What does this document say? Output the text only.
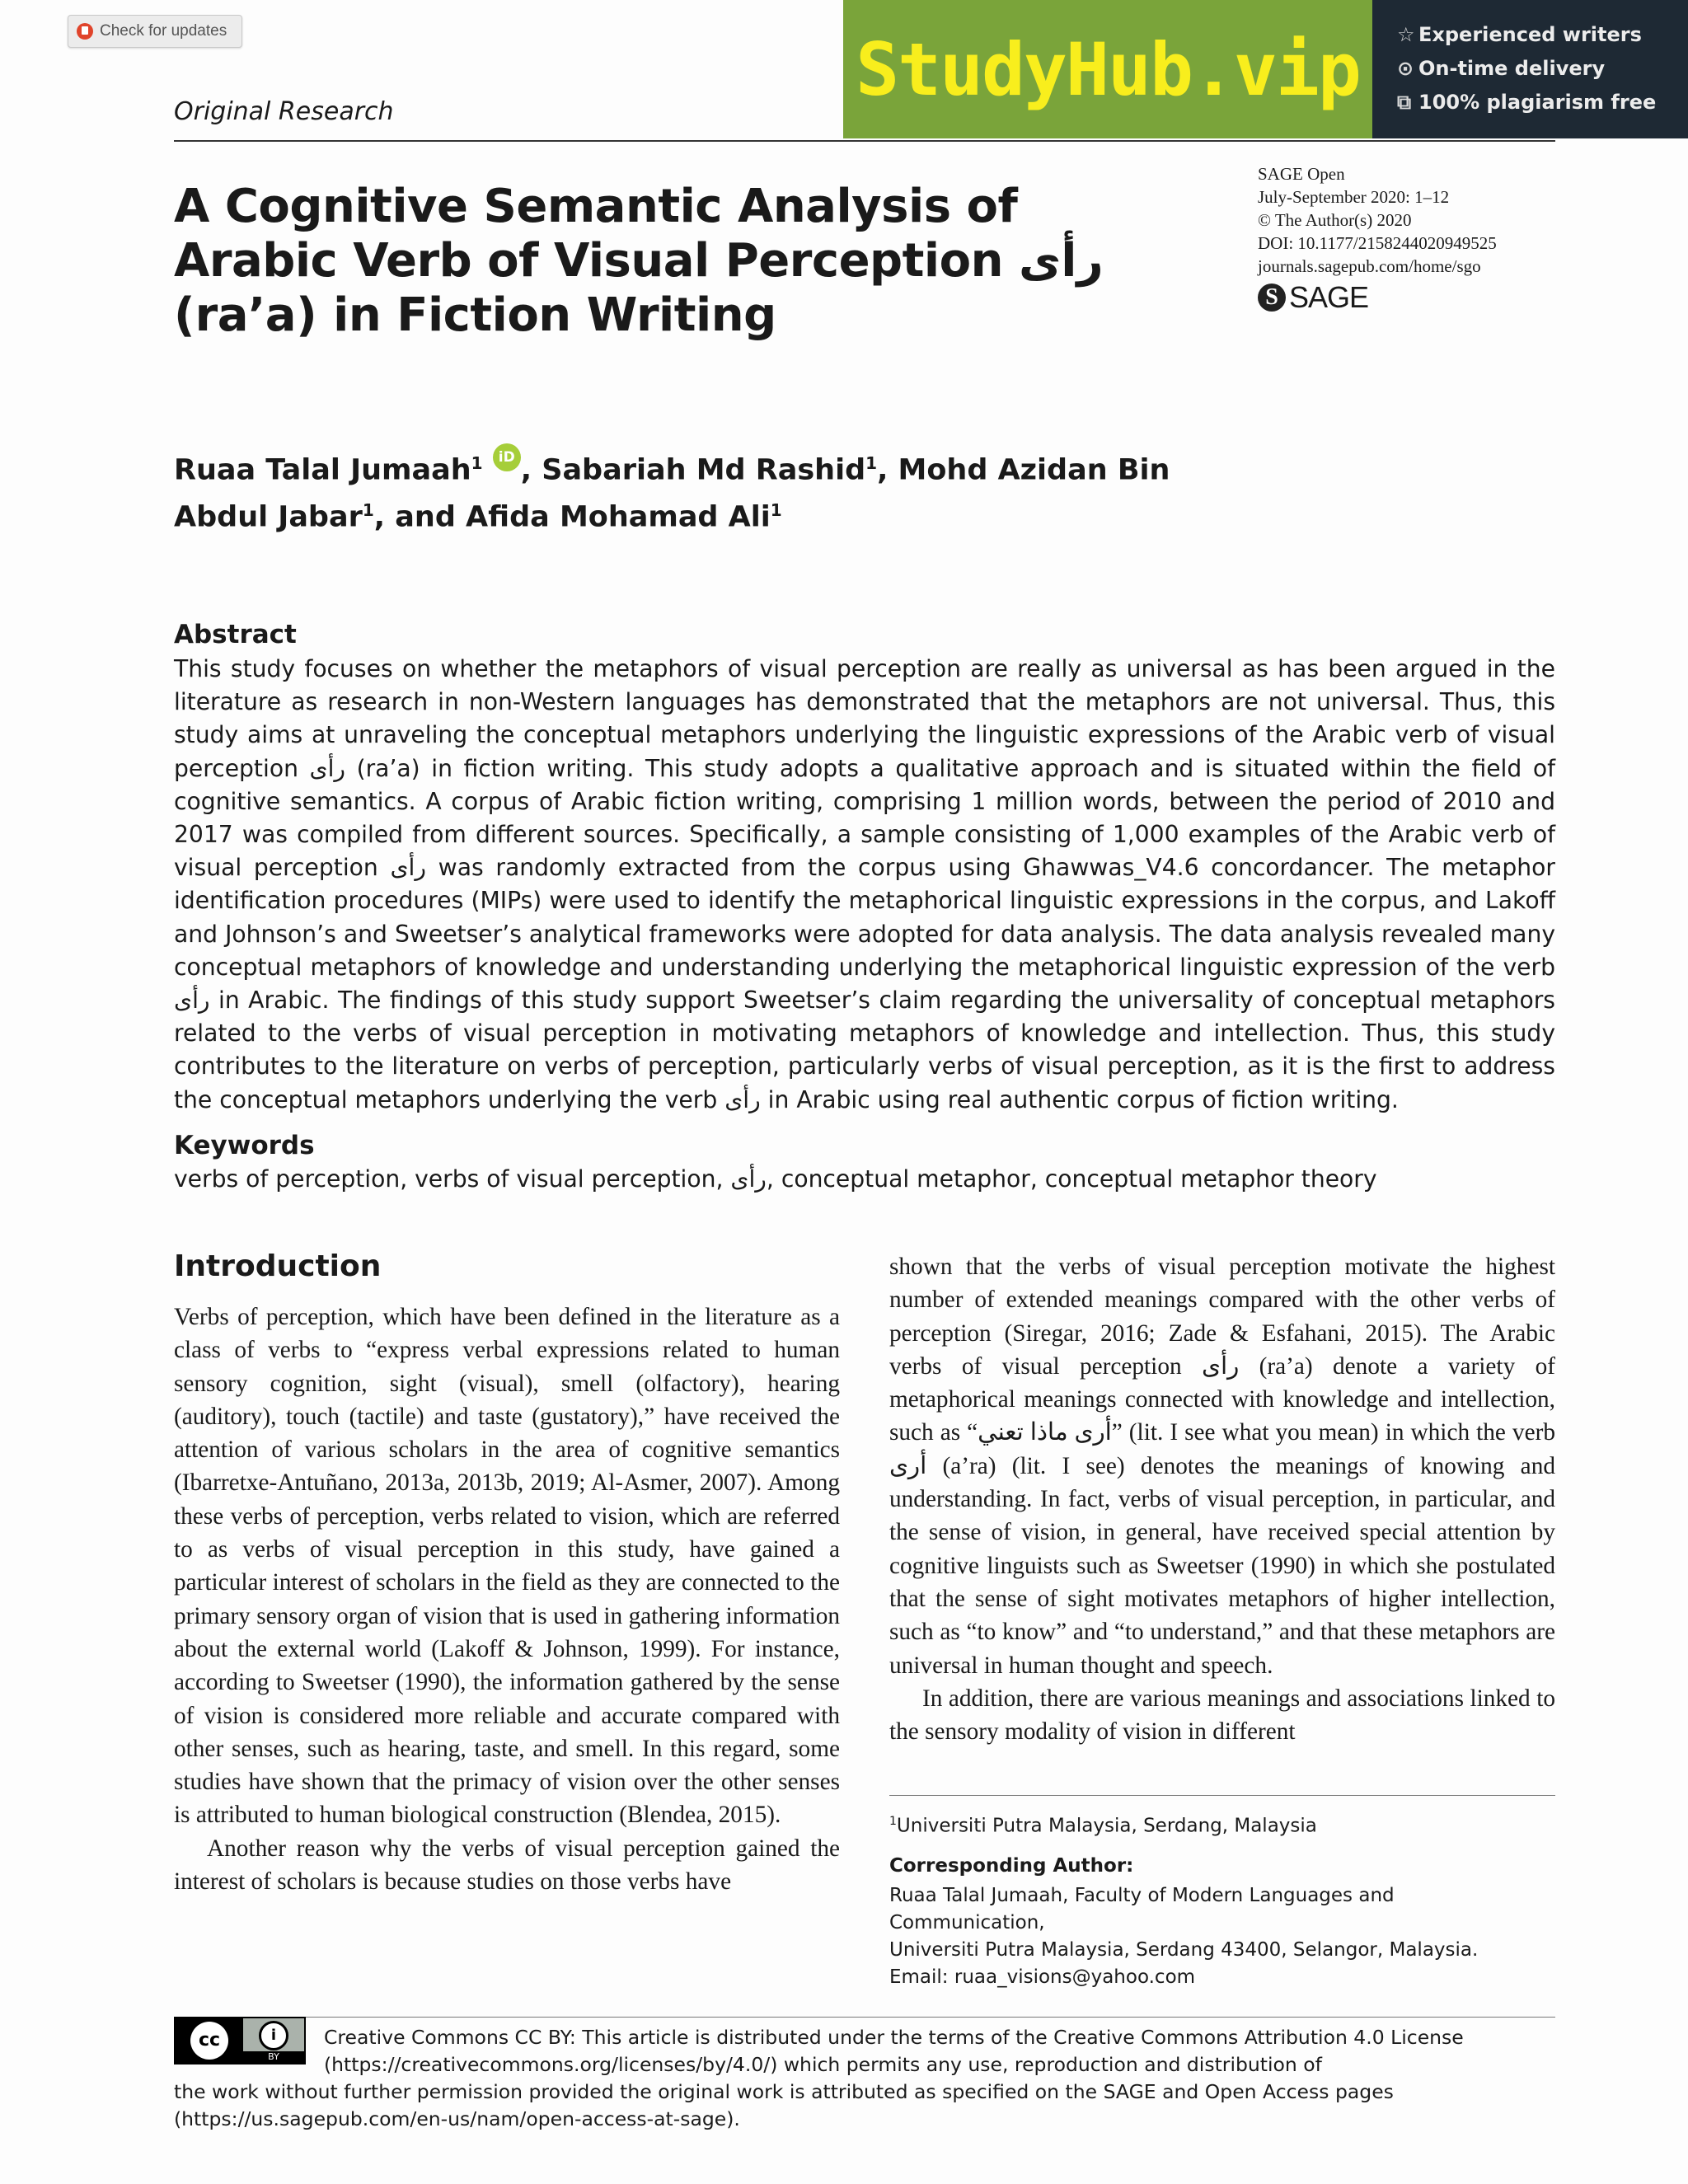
Check for updates	StudyHub.vip ☆ Experienced writers
⊙ On-time delivery
⧉ 100% plagiarism free
Original Research
A Cognitive Semantic Analysis of Arabic Verb of Visual Perception رأى (ra’a) in Fiction Writing
SAGE Open
July-September 2020: 1–12
© The Author(s) 2020
DOI: 10.1177/2158244020949525
journals.sagepub.com/home/sgo
S SAGE
Ruaa Talal Jumaah$^1$ iD , Sabariah Md Rashid$^1$, Mohd Azidan Bin Abdul Jabar$^1$, and Afida Mohamad Ali$^1$
Abstract
This study focuses on whether the metaphors of visual perception are really as universal as has been argued in the literature as research in non-Western languages has demonstrated that the metaphors are not universal. Thus, this study aims at unraveling the conceptual metaphors underlying the linguistic expressions of the Arabic verb of visual perception رأى (ra’a) in fiction writing. This study adopts a qualitative approach and is situated within the field of cognitive semantics. A corpus of Arabic fiction writing, comprising 1 million words, between the period of 2010 and 2017 was compiled from different sources. Specifically, a sample consisting of 1,000 examples of the Arabic verb of visual perception رأى was randomly extracted from the corpus using Ghawwas_V4.6 concordancer. The metaphor identification procedures (MIPs) were used to identify the metaphorical linguistic expressions in the corpus, and Lakoff and Johnson’s and Sweetser’s analytical frameworks were adopted for data analysis. The data analysis revealed many conceptual metaphors of knowledge and understanding underlying the metaphorical linguistic expression of the verb رأى in Arabic. The findings of this study support Sweetser’s claim regarding the universality of conceptual metaphors related to the verbs of visual perception in motivating metaphors of knowledge and intellection. Thus, this study contributes to the literature on verbs of perception, particularly verbs of visual perception, as it is the first to address the conceptual metaphors underlying the verb رأى in Arabic using real authentic corpus of fiction writing.
Keywords
verbs of perception, verbs of visual perception, رأى, conceptual metaphor, conceptual metaphor theory
Introduction

Verbs of perception, which have been defined in the literature as a class of verbs to “express verbal expressions related to human sensory cognition, sight (visual), smell (olfactory), hearing (auditory), touch (tactile) and taste (gustatory),” have received the attention of various scholars in the area of cognitive semantics (Ibarretxe-Antuñano, 2013a, 2013b, 2019; Al-Asmer, 2007). Among these verbs of perception, verbs related to vision, which are referred to as verbs of visual perception in this study, have gained a particular interest of scholars in the field as they are connected to the primary sensory organ of vision that is used in gathering information about the external world (Lakoff & Johnson, 1999). For instance, according to Sweetser (1990), the information gathered by the sense of vision is considered more reliable and accurate compared with other senses, such as hearing, taste, and smell. In this regard, some studies have shown that the primacy of vision over the other senses is attributed to human biological construction (Blendea, 2015).

Another reason why the verbs of visual perception gained the interest of scholars is because studies on those verbs have

shown that the verbs of visual perception motivate the highest number of extended meanings compared with the other verbs of perception (Siregar, 2016; Zade & Esfahani, 2015). The Arabic verbs of visual perception رأى (ra’a) denote a variety of metaphorical meanings connected with knowledge and intellection, such as “أرى ماذا تعني” (lit. I see what you mean) in which the verb أرى (a’ra) (lit. I see) denotes the meanings of knowing and understanding. In fact, verbs of visual perception, in particular, and the sense of vision, in general, have received special attention by cognitive linguists such as Sweetser (1990) in which she postulated that the sense of sight motivates metaphors of higher intellection, such as “to know” and “to understand,” and that these metaphors are universal in human thought and speech.

In addition, there are various meanings and associations linked to the sensory modality of vision in different

$^1$Universiti Putra Malaysia, Serdang, Malaysia
Corresponding Author:
Ruaa Talal Jumaah, Faculty of Modern Languages and Communication,
Universiti Putra Malaysia, Serdang 43400, Selangor, Malaysia.
Email: ruaa_visions@yahoo.com
cc	i
BY
Creative Commons CC BY: This article is distributed under the terms of the Creative Commons Attribution 4.0 License
(https://creativecommons.org/licenses/by/4.0/) which permits any use, reproduction and distribution of
the work without further permission provided the original work is attributed as specified on the SAGE and Open Access pages
(https://us.sagepub.com/en-us/nam/open-access-at-sage).
